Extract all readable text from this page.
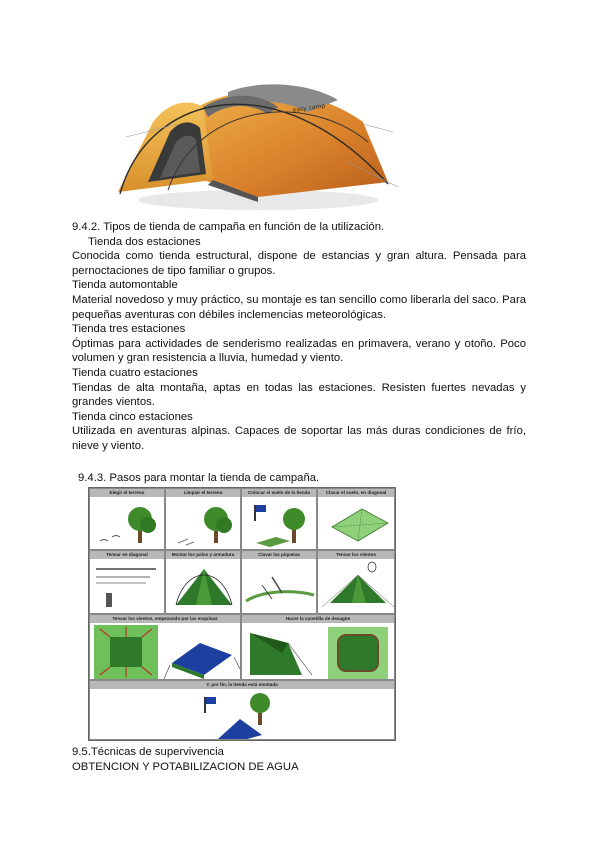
easy camp

9.4.2. Tipos de tienda de campaña en función de la utilización.

Tienda dos estaciones

Conocida como tienda estructural, dispone de estancias y gran altura. Pensada para pernoctaciones de tipo familiar o grupos.

Tienda automontable

Material novedoso y muy práctico, su montaje es tan sencillo como liberarla del saco. Para pequeñas aventuras con débiles inclemencias meteorológicas.

Tienda tres estaciones

Óptimas para actividades de senderismo realizadas en primavera, verano y otoño. Poco volumen y gran resistencia a lluvia, humedad y viento.

Tienda cuatro estaciones

Tiendas de alta montaña, aptas en todas las estaciones. Resisten fuertes nevadas y grandes vientos.

Tienda cinco estaciones

Utilizada en aventuras alpinas. Capaces de soportar las más duras condiciones de frío, nieve y viento.

9.4.3. Pasos para montar la tienda de campaña.
Elegir el terreno	Limpiar el terreno	Colocar el suelo de la tienda	Clavar el suelo, en diagonal
Tensar en diagonal	Montar los palos y armadura	Clavar las piquetas	Tensar los vientos
Tensar los vientos, empezando por las esquinas	Hacer la cunetilla de desagüe
Y, por fin, la tienda está montada
9.5.Técnicas de supervivencia
OBTENCION Y POTABILIZACION DE AGUA
